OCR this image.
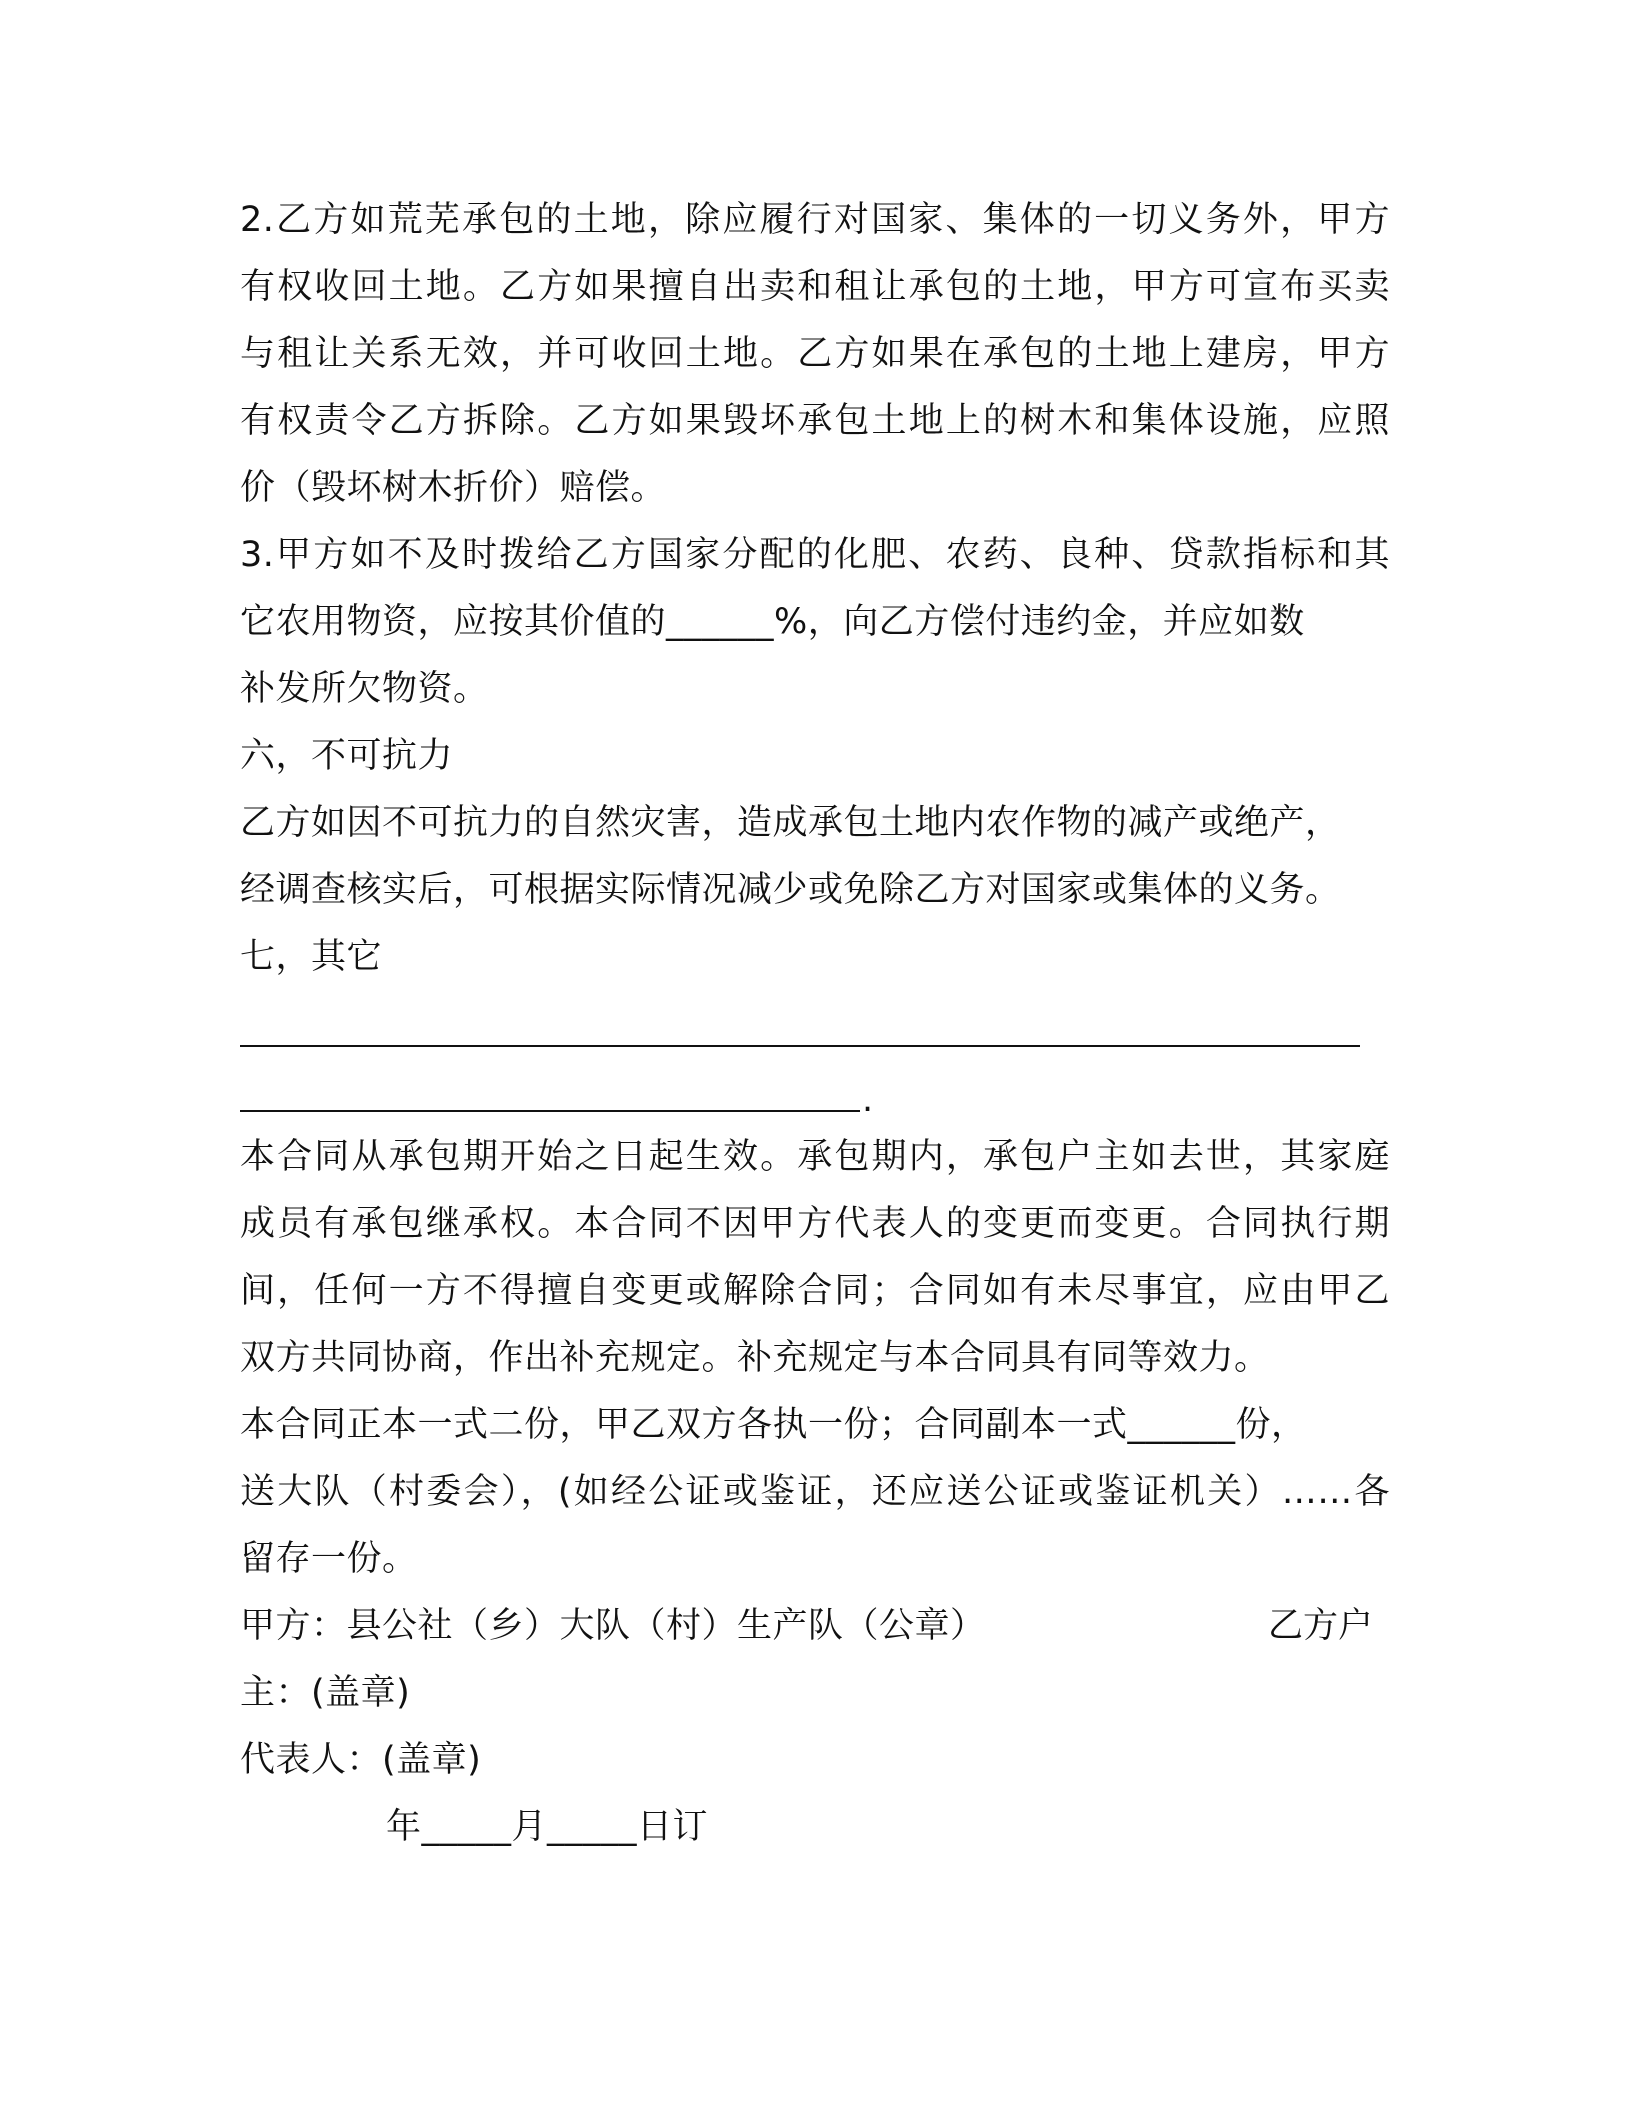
2.乙方如荒芜承包的土地，除应履行对国家、集体的一切义务外，甲方
有权收回土地。乙方如果擅自出卖和租让承包的土地，甲方可宣布买卖
与租让关系无效，并可收回土地。乙方如果在承包的土地上建房，甲方
有权责令乙方拆除。乙方如果毁坏承包土地上的树木和集体设施，应照
价（毁坏树木折价）赔偿。
3.甲方如不及时拨给乙方国家分配的化肥、农药、良种、贷款指标和其
它农用物资，应按其价值的______%，向乙方偿付违约金，并应如数
补发所欠物资。
六，不可抗力
乙方如因不可抗力的自然灾害，造成承包土地内农作物的减产或绝产，
经调查核实后，可根据实际情况减少或免除乙方对国家或集体的义务。
七，其它
.
本合同从承包期开始之日起生效。承包期内，承包户主如去世，其家庭
成员有承包继承权。本合同不因甲方代表人的变更而变更。合同执行期
间，任何一方不得擅自变更或解除合同；合同如有未尽事宜，应由甲乙
双方共同协商，作出补充规定。补充规定与本合同具有同等效力。
本合同正本一式二份，甲乙双方各执一份；合同副本一式______份，
送大队（村委会），(如经公证或鉴证，还应送公证或鉴证机关）……各
留存一份。
甲方：县公社（乡）大队（村）生产队（公章）	乙方户
主：(盖章)
代表人：(盖章)
年_____月_____日订
